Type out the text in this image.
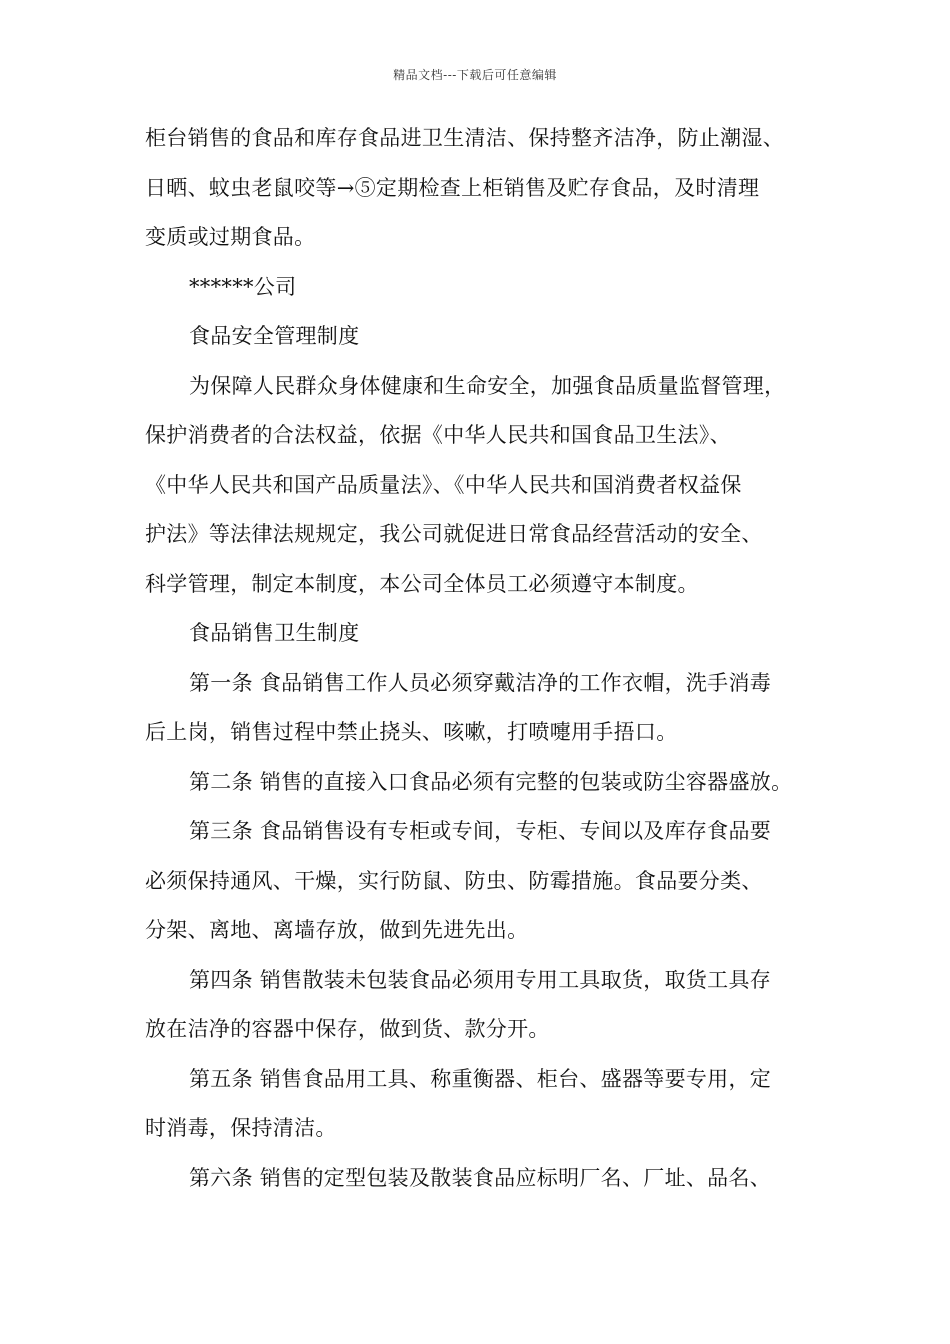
精品文档---下载后可任意编辑
柜台销售的食品和库存食品进卫生清洁、保持整齐洁净，防止潮湿、
日晒、蚊虫老鼠咬等→⑤定期检查上柜销售及贮存食品，及时清理
变质或过期食品。
******公司
食品安全管理制度
为保障人民群众身体健康和生命安全，加强食品质量监督管理，
保护消费者的合法权益，依据《中华人民共和国食品卫生法》、
《中华人民共和国产品质量法》、《中华人民共和国消费者权益保
护法》等法律法规规定，我公司就促进日常食品经营活动的安全、
科学管理，制定本制度，本公司全体员工必须遵守本制度。
食品销售卫生制度
第一条 食品销售工作人员必须穿戴洁净的工作衣帽，洗手消毒
后上岗，销售过程中禁止挠头、咳嗽，打喷嚏用手捂口。
第二条 销售的直接入口食品必须有完整的包装或防尘容器盛放。
第三条 食品销售设有专柜或专间，专柜、专间以及库存食品要
必须保持通风、干燥，实行防鼠、防虫、防霉措施。食品要分类、
分架、离地、离墙存放，做到先进先出。
第四条 销售散装未包装食品必须用专用工具取货，取货工具存
放在洁净的容器中保存，做到货、款分开。
第五条 销售食品用工具、称重衡器、柜台、盛器等要专用，定
时消毒，保持清洁。
第六条 销售的定型包装及散装食品应标明厂名、厂址、品名、
